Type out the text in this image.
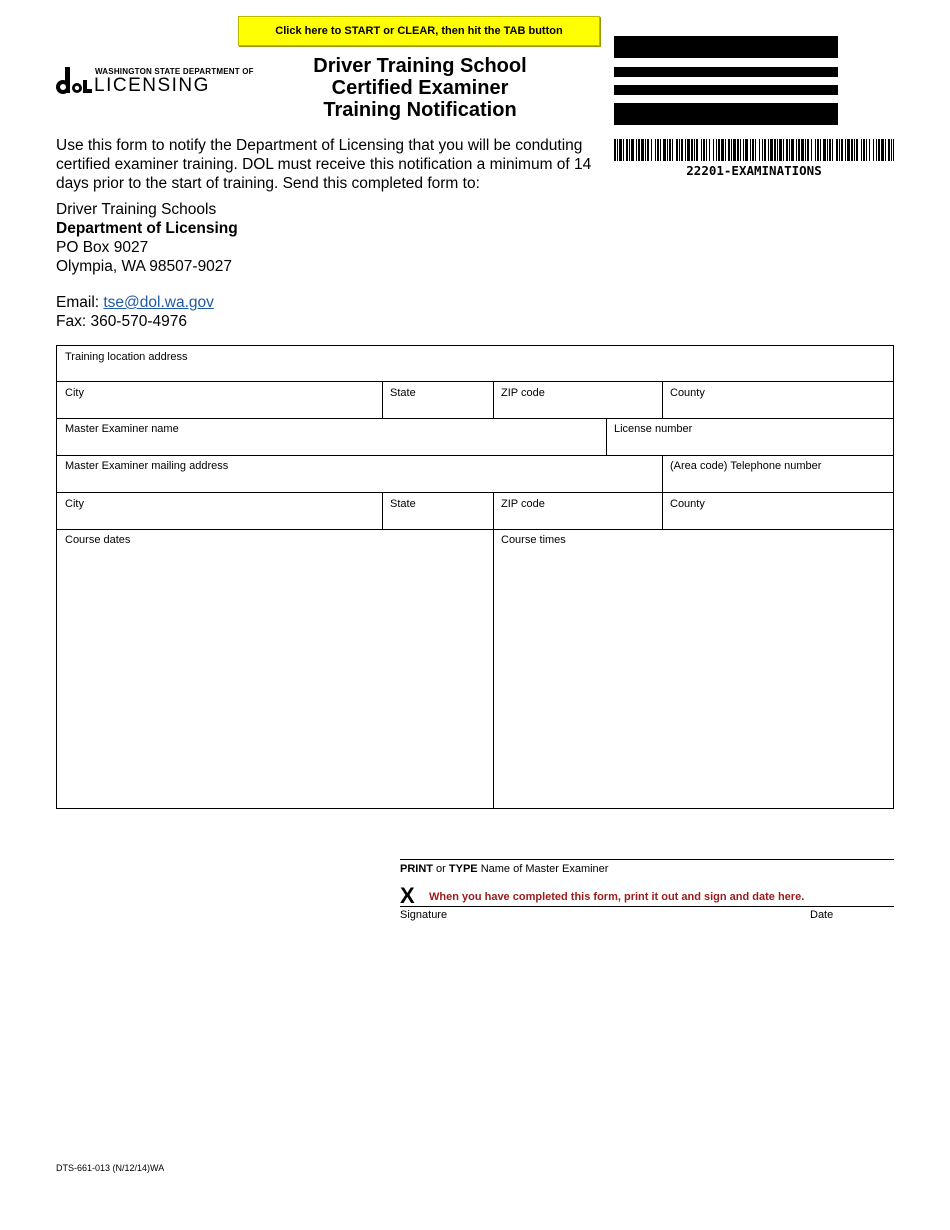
Click here to START or CLEAR, then hit the TAB button
WASHINGTON STATE DEPARTMENT OF
LICENSING
Driver Training School
Certified Examiner
Training Notification
22201-EXAMINATIONS
Use this form to notify the Department of Licensing that you will be conduting certified examiner training. DOL must receive this notification a minimum of 14 days prior to the start of training. Send this completed form to:
Driver Training Schools
Department of Licensing
PO Box 9027
Olympia, WA 98507-9027
Email: tse@dol.wa.gov
Fax: 360-570-4976
Training location address
City	State	ZIP code	County
Master Examiner name	License number
Master Examiner mailing address	(Area code) Telephone number
City	State	ZIP code	County
Course dates	Course times
PRINT or TYPE Name of Master Examiner
X When you have completed this form, print it out and sign and date here.
Signature	Date
DTS-661-013 (N/12/14)WA
